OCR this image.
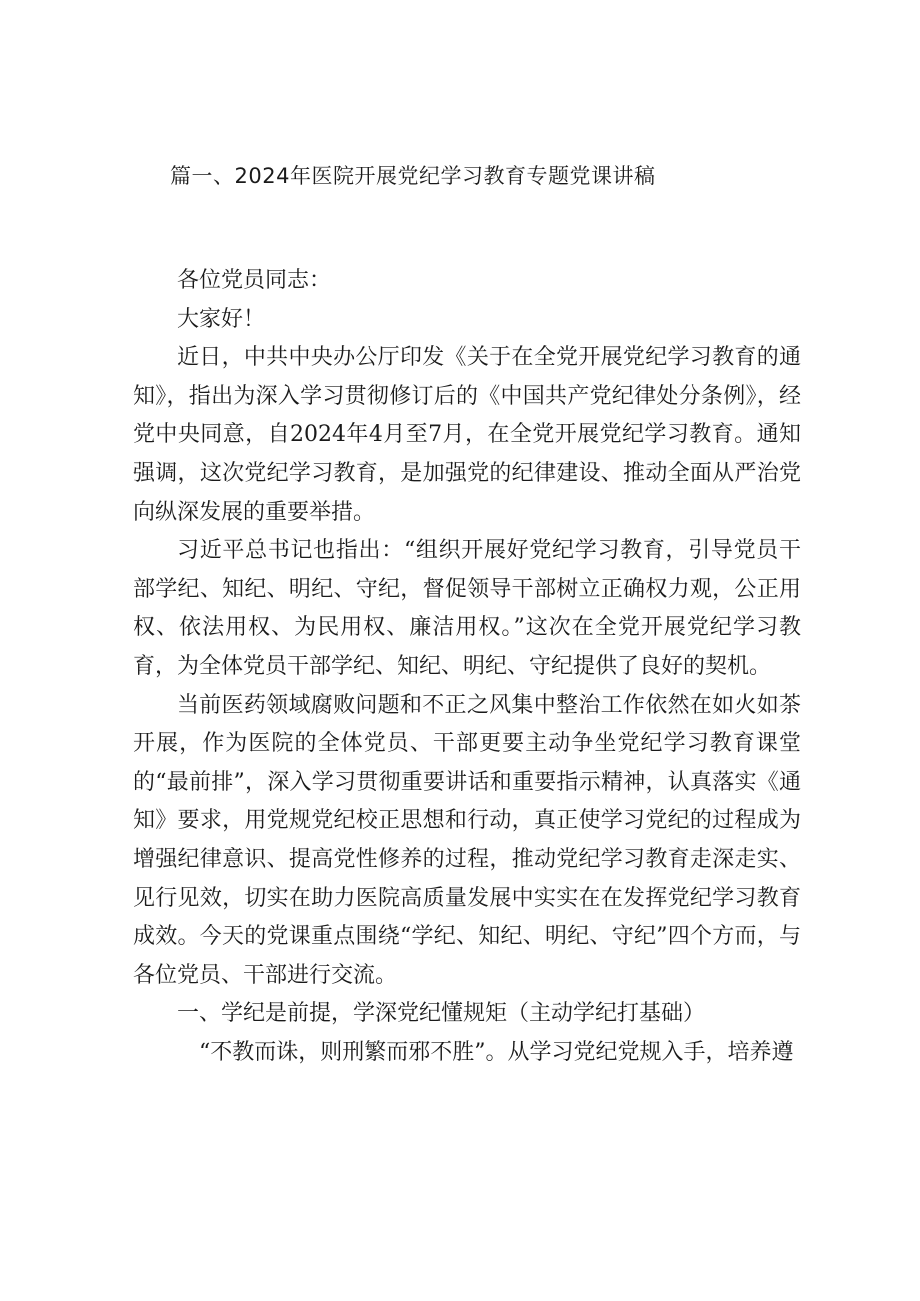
篇一、2024年医院开展党纪学习教育专题党课讲稿

各位党员同志：

大家好！

近日，中共中央办公厅印发《关于在全党开展党纪学习教育的通知》，指出为深入学习贯彻修订后的《中国共产党纪律处分条例》，经党中央同意，自2024年4月至7月，在全党开展党纪学习教育。通知强调，这次党纪学习教育，是加强党的纪律建设、推动全面从严治党向纵深发展的重要举措。

习近平总书记也指出：“组织开展好党纪学习教育，引导党员干部学纪、知纪、明纪、守纪，督促领导干部树立正确权力观，公正用权、依法用权、为民用权、廉洁用权。”这次在全党开展党纪学习教育，为全体党员干部学纪、知纪、明纪、守纪提供了良好的契机。

当前医药领域腐败问题和不正之风集中整治工作依然在如火如茶开展，作为医院的全体党员、干部更要主动争坐党纪学习教育课堂的“最前排”，深入学习贯彻重要讲话和重要指示精神，认真落实《通知》要求，用党规党纪校正思想和行动，真正使学习党纪的过程成为增强纪律意识、提高党性修养的过程，推动党纪学习教育走深走实、见行见效，切实在助力医院高质量发展中实实在在发挥党纪学习教育成效。今天的党课重点围绕“学纪、知纪、明纪、守纪”四个方而，与各位党员、干部进行交流。

一、学纪是前提，学深党纪懂规矩（主动学纪打基础）

“不教而诛，则刑繁而邪不胜”。从学习党纪党规入手，培养遵
